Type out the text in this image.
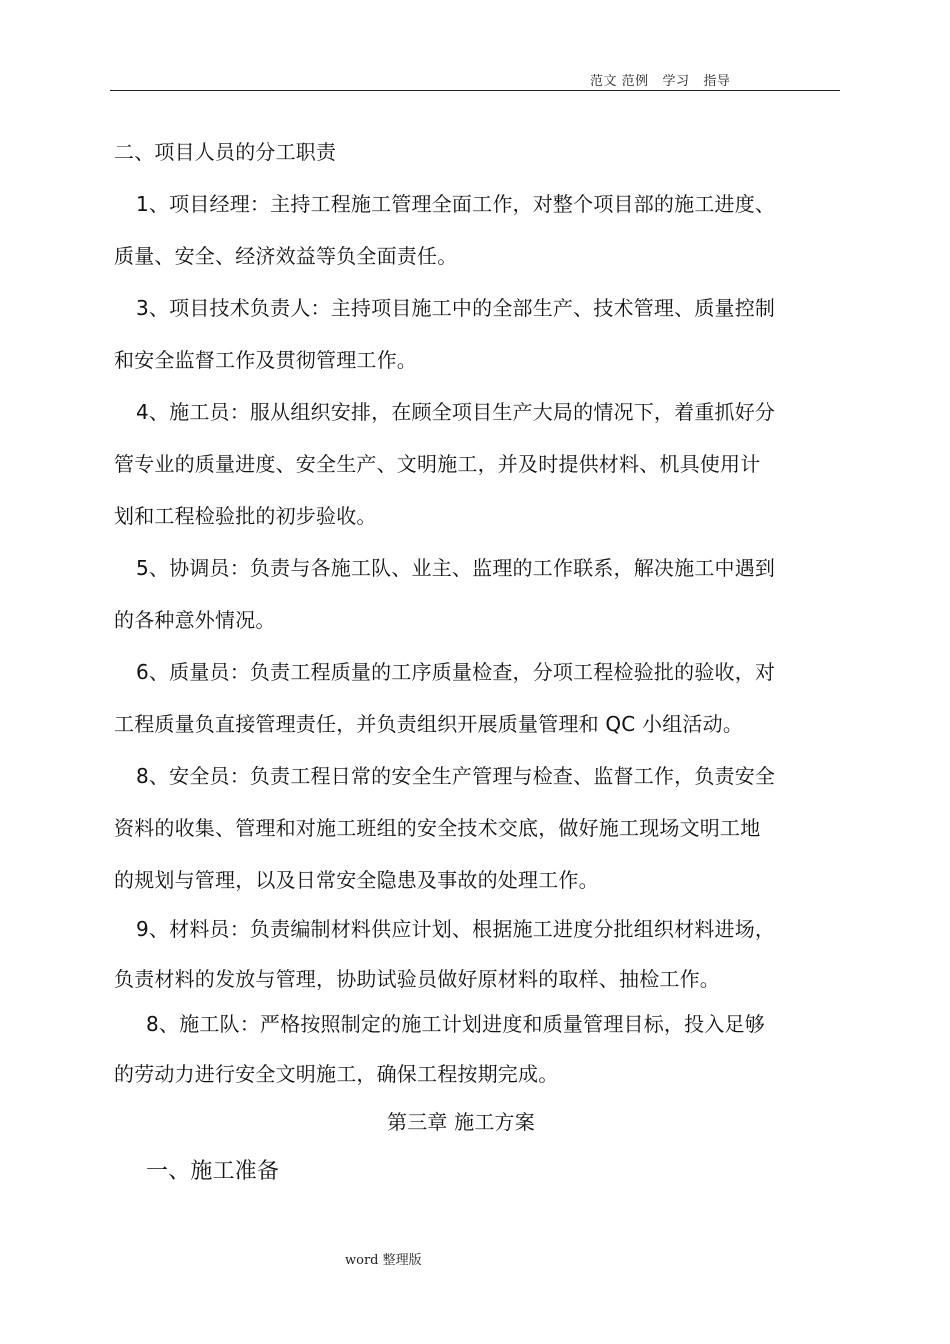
范文 范例   学习   指导
二、项目人员的分工职责
1、项目经理：主持工程施工管理全面工作，对整个项目部的施工进度、
质量、安全、经济效益等负全面责任。
3、项目技术负责人：主持项目施工中的全部生产、技术管理、质量控制
和安全监督工作及贯彻管理工作。
4、施工员：服从组织安排，在顾全项目生产大局的情况下，着重抓好分
管专业的质量进度、安全生产、文明施工，并及时提供材料、机具使用计
划和工程检验批的初步验收。
5、协调员：负责与各施工队、业主、监理的工作联系，解决施工中遇到
的各种意外情况。
6、质量员：负责工程质量的工序质量检查，分项工程检验批的验收，对
工程质量负直接管理责任，并负责组织开展质量管理和 QC 小组活动。
8、安全员：负责工程日常的安全生产管理与检查、监督工作，负责安全
资料的收集、管理和对施工班组的安全技术交底，做好施工现场文明工地
的规划与管理，以及日常安全隐患及事故的处理工作。
9、材料员：负责编制材料供应计划、根据施工进度分批组织材料进场，
负责材料的发放与管理，协助试验员做好原材料的取样、抽检工作。
8、施工队：严格按照制定的施工计划进度和质量管理目标，投入足够
的劳动力进行安全文明施工，确保工程按期完成。
第三章 施工方案
一、施工准备
word 整理版
